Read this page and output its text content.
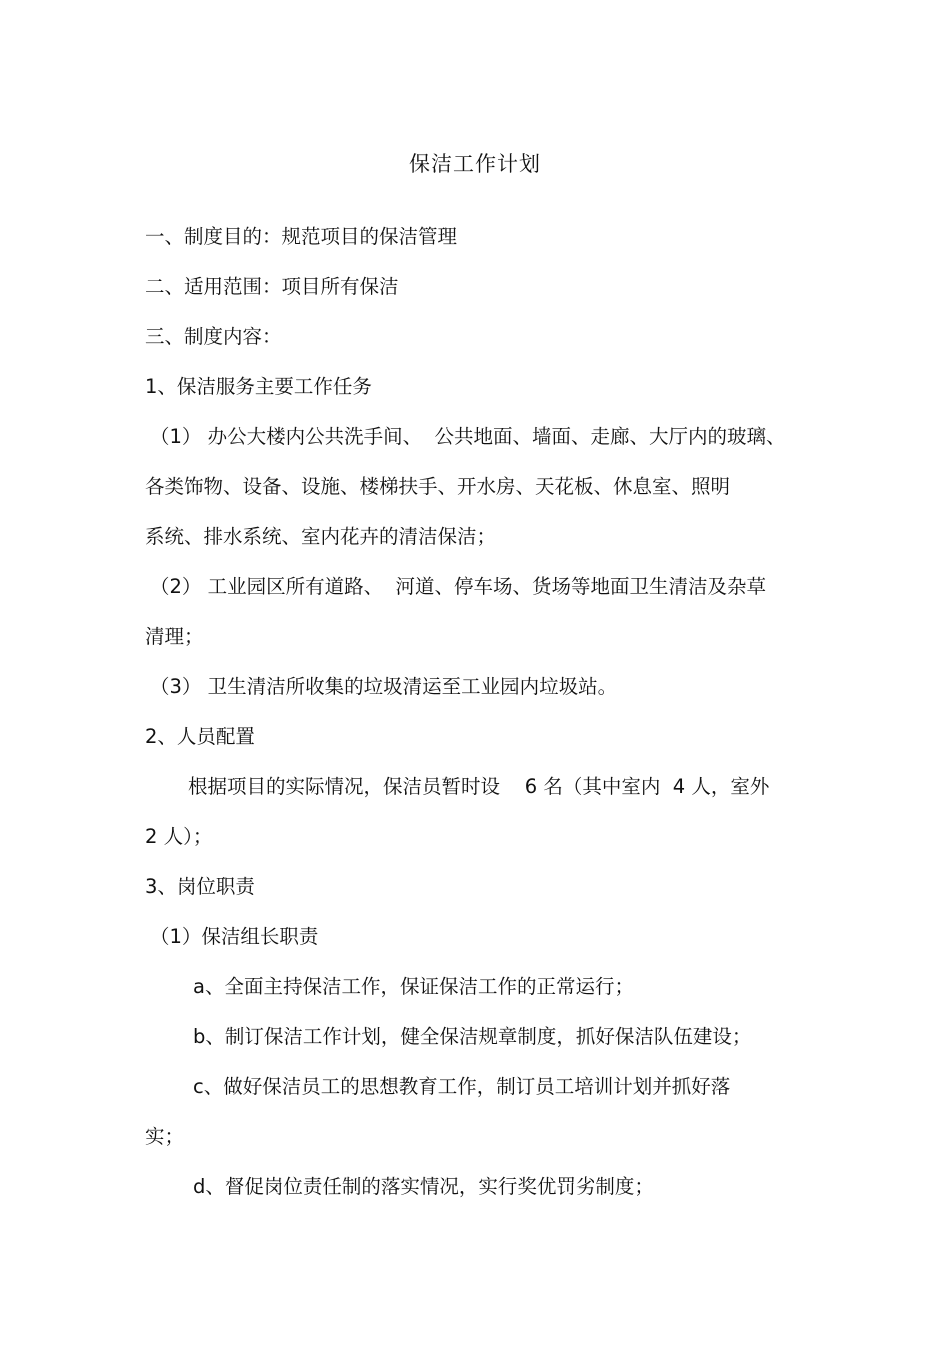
保洁工作计划
一、制度目的：规范项目的保洁管理
二、适用范围：项目所有保洁
三、制度内容：
1、保洁服务主要工作任务
（1） 办公大楼内公共洗手间、  公共地面、墙面、走廊、大厅内的玻璃、
各类饰物、设备、设施、楼梯扶手、开水房、天花板、休息室、照明
系统、排水系统、室内花卉的清洁保洁；
（2） 工业园区所有道路、  河道、停车场、货场等地面卫生清洁及杂草
清理；
（3） 卫生清洁所收集的垃圾清运至工业园内垃圾站。
2、人员配置
根据项目的实际情况，保洁员暂时设    6 名（其中室内  4 人，室外
2 人）；
3、岗位职责
（1）保洁组长职责
a、全面主持保洁工作，保证保洁工作的正常运行；
b、制订保洁工作计划，健全保洁规章制度，抓好保洁队伍建设；
c、做好保洁员工的思想教育工作，制订员工培训计划并抓好落
实；
d、督促岗位责任制的落实情况，实行奖优罚劣制度；
